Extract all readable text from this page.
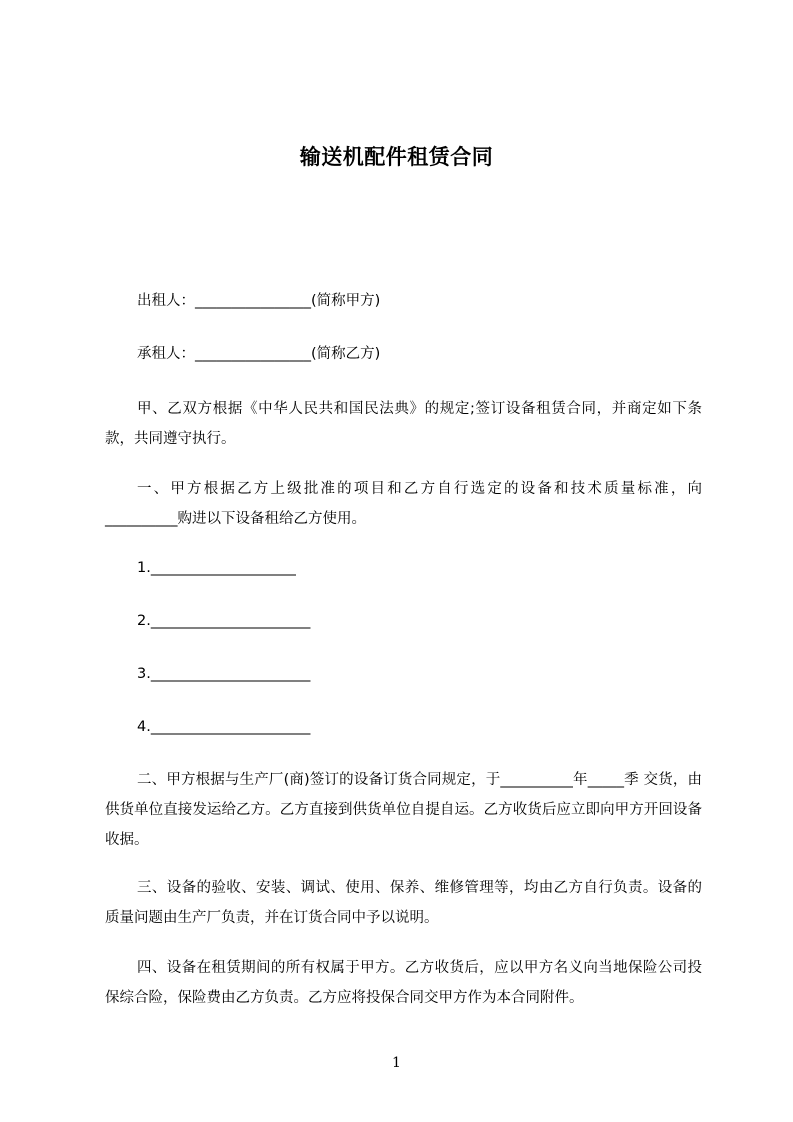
输送机配件租赁合同
出租人：________________(简称甲方)
承租人：________________(简称乙方)
甲、乙双方根据《中华人民共和国民法典》的规定;签订设备租赁合同，并商定如下条款，共同遵守执行。
一、甲方根据乙方上级批准的项目和乙方自行选定的设备和技术质量标准，向__________购进以下设备租给乙方使用。
1.____________________
2.______________________
3.______________________
4.______________________
二、甲方根据与生产厂(商)签订的设备订货合同规定，于__________年_____季 交货，由供货单位直接发运给乙方。乙方直接到供货单位自提自运。乙方收货后应立即向甲方开回设备收据。
三、设备的验收、安装、调试、使用、保养、维修管理等，均由乙方自行负责。设备的质量问题由生产厂负责，并在订货合同中予以说明。
四、设备在租赁期间的所有权属于甲方。乙方收货后，应以甲方名义向当地保险公司投保综合险，保险费由乙方负责。乙方应将投保合同交甲方作为本合同附件。
1
